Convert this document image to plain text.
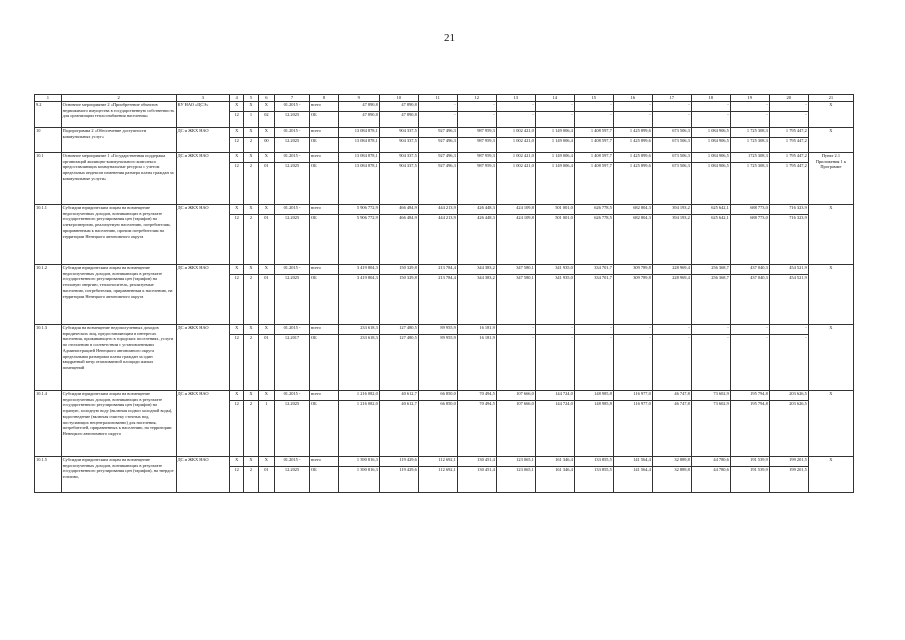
21
1	2	3	4	5	6	7	8	9	10	11	12	13	14	15	16	17	18	19	20	21
9.2	Основное мероприятие 2 «Приобретение объектов недвижимого имущества в государственную собственность для организации теплоснабжения населения»	КУ НАО «ЦСЭ»	X	X	X	01.2015 -	всего	47 890,8	47 890,8	-	-	-	-	-	-	-	-	-	-	X
			12	1	02	12.2025	ОБ	47 890,8	47 890,8	-	-	-	-	-	-	-	-	-	-	
10	Подпрограмма 2 «Обеспечение доступности коммунальных услуг»	ДС и ЖКХ НАО	X	X	X	01.2015 -	всего	13 084 878,1	904 337,5	927 496,3	987 959,3	1 002 421,0	1 149 006,4	1 408 597,7	1 425 899,6	673 506,3	1 084 906,5	1 725 308,3	1 795 447,2	X
			12	2	00	12.2025	ОБ	13 084 878,1	904 337,5	927 496,3	987 959,3	1 002 421,0	1 149 006,4	1 408 597,7	1 425 899,6	673 506,3	1 084 906,5	1 725 308,3	1 795 447,2	
10.1	Основное мероприятие 1 «Государственная поддержка организаций жилищно-коммунального комплекса предоставляющих коммунальные ресурсы с учетом предельных индексов изменения размера платы граждан за коммунальные услуги»	ДС и ЖКХ НАО	X	X	X	01.2015 -	всего	13 084 878,1	904 337,5	927 496,3	987 959,3	1 002 421,0	1 149 006,4	1 408 597,7	1 425 899,6	673 506,3	1 084 906,5	1725 308,3	1 795 447,2	Пункт 2.1 Приложения 1 к Программе
			12	2	01	12.2025	ОБ	13 084 878,1	904 337,5	927 496,3	987 959,3	1 002 421,0	1 149 006,4	1 408 597,7	1 425 899,6	673 506,3	1 084 906,5	1 725 308,3	1 795 447,2	
10.1.1	Субсидии юридическим лицам на возмещение недополученных доходов, возникающих в результате государственного регулирования цен (тарифов) на электроэнергию, реализуемую населению, потребителям, приравненным к населению, прочим потребителям на территории Ненецкого автономного округа	ДС и ЖКХ НАО	X	X	X	01.2015 -	всего	5 906 772,9	466 484,9	444 213,9	426 448,3	424 109,8	501 001,0	626 778,5	682 804,3	394 193,2	625 642,1	688 773,0	716 323,9	X
			12	2	01	12.2025	ОБ	5 906 772,9	466 484,9	444 213,9	426 448,3	424 109,8	501 001,0	626 778,5	682 804,3	394 193,2	625 642,1	688 773,0	716 323,9	
10.1.2	Субсидии юридическим лицам на возмещение недополученных доходов, возникающих в результате государственного регулирования цен (тарифов) на тепловую энергию, теплоноситель, реализуемые населению, потребителям, приравненным к населению, на территории Ненецкого автономного округа	ДС и ЖКХ НАО	X	X	X	01.2015 -	всего	3 419 804,3	150 329,8	213 784,4	344 383,2	347 580,1	341 935,0	334 701,7	309 789,8	228 969,4	256 368,7	437 040,3	454 521,9	X
			12	2	01	12.2025	ОБ	3 419 804,3	150 329,8	213 784,4	344 383,2	347 580,1	341 935,0	334 701,7	309 789,8	228 969,4	256 368,7	437 040,3	454 521,9	
10.1.3	Субсидия на возмещение недополученных доходов юридических лиц, предоставляющим в интересах населения, проживающего в городских поселениях, услуги по отоплению в соответствии с установленными Администрацией Ненецкого автономного округа предельными размерами платы граждан за один квадратный метр отапливаемой площади жилых помещений	ДС и ЖКХ НАО	X	X	X	01.2015 -	всего	233 618,3	127 480,5	89 955,9	16 181,9	-	-	-	-	-	-	-	-	X
			12	2	01	12.2017	ОБ	233 618,3	127 480,5	89 955,9	16 181,9	-	-	-	-	-	-	-	-	
10.1.4	Субсидии юридическим лицам на возмещение недополученных доходов, возникающих в результате государственного регулирования цен (тарифов) на горячую, холодную воду (включая подвоз холодной воды), водоотведение (включая очистку сточных вод, поступающих нецентрализованно) для населения, потребителей, приравненных к населению, на территории Ненецкого автономного округа	ДС и ЖКХ НАО	X	X	X	01.2015 -	всего	1 216 082,0	40 612,7	66 850,0	70 494,5	107 666,0	144 724,0	148 985,8	116 977,0	46 747,8	73 602,9	195 794,8	203 626,5	X
			12	2	1	12.2025	ОБ	1 216 082,0	40 612,7	66 850,0	70 494,5	107 666,0	144 724,0	148 985,8	116 977,0	46 747,8	73 602,9	195 794,8	203 626,5	
10.1.5	Субсидии юридическим лицам на возмещение недополученных доходов, возникающих в результате государственного регулирования цен (тарифов), на твердое топливо,	ДС и ЖКХ НАО	X	X	X	01.2015 -	всего	1 390 816,3	119 429,6	112 692,1	130 451,4	123 065,1	161 346,4	133 855,5	141 564,4	32 889,8	44 780,6	191 539,9	199 201,5	X
			12	2	01	12.2025	ОБ	1 390 816,3	119 429,6	112 692,1	130 451,4	123 065,1	161 346,4	133 855,5	141 564,4	32 889,8	44 780,6	191 539,9	199 201,5	
